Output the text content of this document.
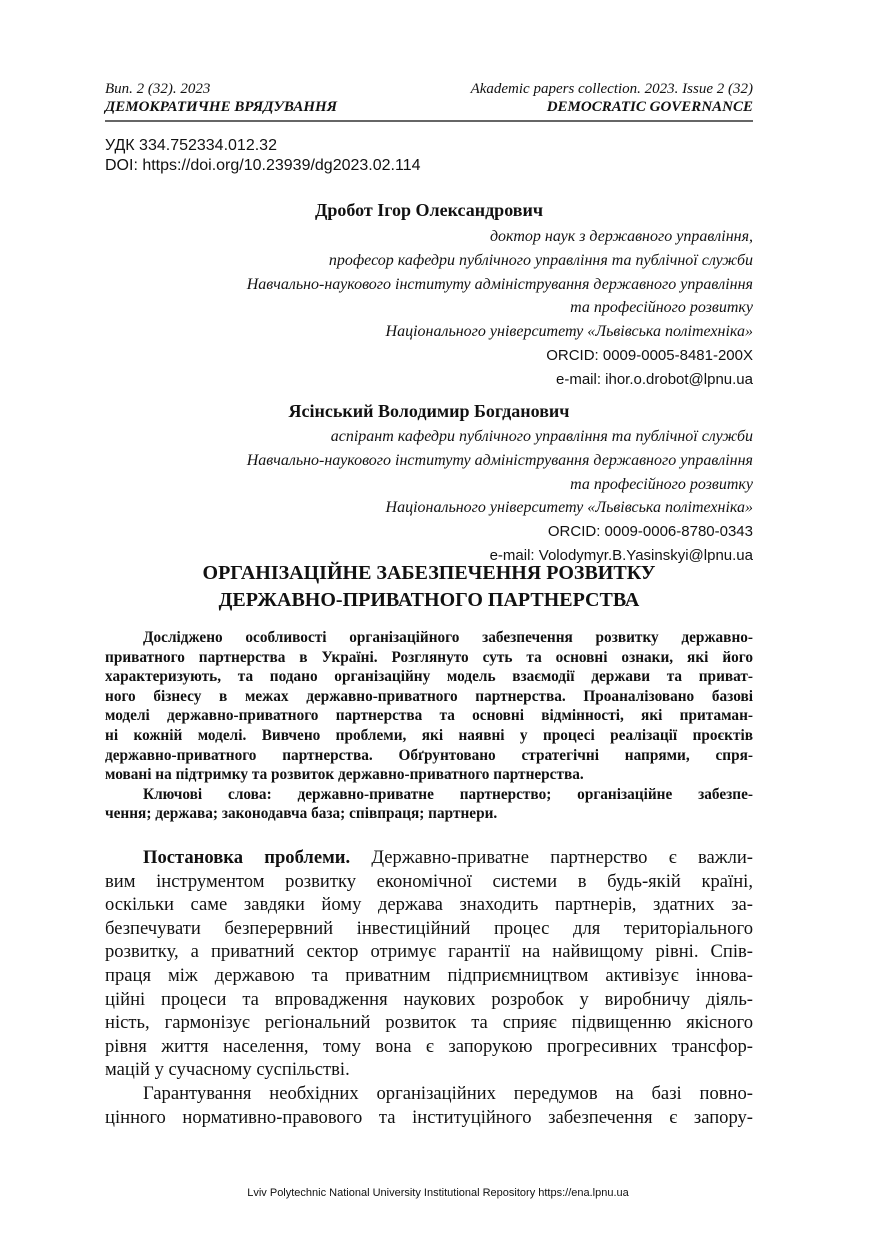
Вип. 2 (32). 2023	Akademic papers collection. 2023. Issue 2 (32)
ДЕМОКРАТИЧНЕ ВРЯДУВАННЯ	DEMOCRATIC GOVERNANCE
УДК 334.752334.012.32
DOI: https://doi.org/10.23939/dg2023.02.114
Дробот Ігор Олександрович
доктор наук з державного управління,
професор кафедри публічного управління та публічної служби
Навчально-наукового інституту адміністрування державного управління
та професійного розвитку
Національного університету «Львівська політехніка»
ORCID: 0009-0005-8481-200X
e-mail: ihor.o.drobot@lpnu.ua
Ясінський Володимир Богданович
аспірант кафедри публічного управління та публічної служби
Навчально-наукового інституту адміністрування державного управління
та професійного розвитку
Національного університету «Львівська політехніка»
ORCID: 0009-0006-8780-0343
e-mail: Volodymyr.B.Yasinskyi@lpnu.ua
ОРГАНІЗАЦІЙНЕ ЗАБЕЗПЕЧЕННЯ РОЗВИТКУ
ДЕРЖАВНО-ПРИВАТНОГО ПАРТНЕРСТВА
Досліджено особливості організаційного забезпечення розвитку державно-
приватного партнерства в Україні. Розглянуто суть та основні ознаки, які його
характеризують, та подано організаційну модель взаємодії держави та приват-
ного бізнесу в межах державно-приватного партнерства. Проаналізовано базові
моделі державно-приватного партнерства та основні відмінності, які притаман-
ні кожній моделі. Вивчено проблеми, які наявні у процесі реалізації проєктів
державно-приватного партнерства. Обґрунтовано стратегічні напрями, спря-
мовані на підтримку та розвиток державно-приватного партнерства.
Ключові слова: державно-приватне партнерство; організаційне забезпе-
чення; держава; законодавча база; співпраця; партнери.
Постановка проблеми. Державно-приватне партнерство є важли-
вим інструментом розвитку економічної системи в будь-якій країні,
оскільки саме завдяки йому держава знаходить партнерів, здатних за-
безпечувати безперервний інвестиційний процес для територіального
розвитку, а приватний сектор отримує гарантії на найвищому рівні. Спів-
праця між державою та приватним підприємництвом активізує іннова-
ційні процеси та впровадження наукових розробок у виробничу діяль-
ність, гармонізує регіональний розвиток та сприяє підвищенню якісного
рівня життя населення, тому вона є запорукою прогресивних трансфор-
мацій у сучасному суспільстві.
Гарантування необхідних організаційних передумов на базі повно-
цінного нормативно-правового та інституційного забезпечення є запору-
Lviv Polytechnic National University Institutional Repository https://ena.lpnu.ua
